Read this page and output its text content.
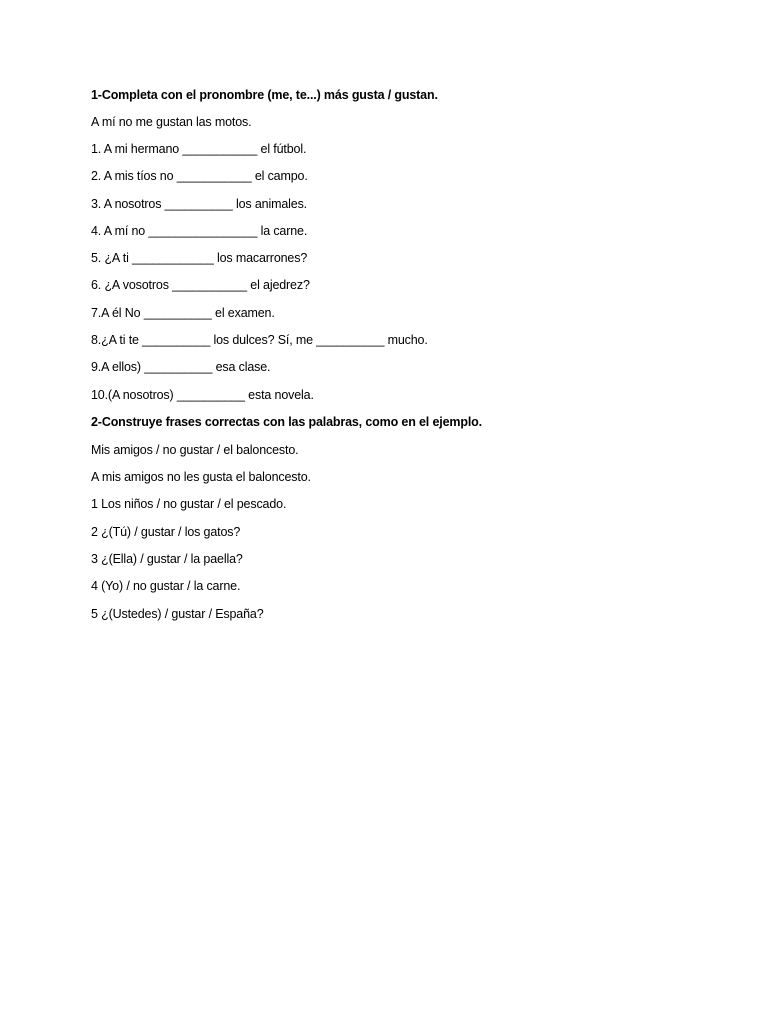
1-Completa con el pronombre (me, te...) más gusta / gustan.
A mí no me gustan las motos.
1. A mi hermano ___________ el fútbol.
2. A mis tíos no ___________ el campo.
3. A nosotros __________ los animales.
4. A mí no ________________ la carne.
5. ¿A ti ____________ los macarrones?
6. ¿A vosotros ___________ el ajedrez?
7.A él No __________ el examen.
8.¿A ti te __________ los dulces? Sí, me __________ mucho.
9.A ellos) __________ esa clase.
10.(A nosotros) __________ esta novela.
2-Construye frases correctas con las palabras, como en el ejemplo.
Mis amigos / no gustar / el baloncesto.
A mis amigos no les gusta el baloncesto.
1 Los niños / no gustar / el pescado.
2 ¿(Tú) / gustar / los gatos?
3 ¿(Ella) / gustar / la paella?
4 (Yo) / no gustar / la carne.
5 ¿(Ustedes) / gustar / España?
